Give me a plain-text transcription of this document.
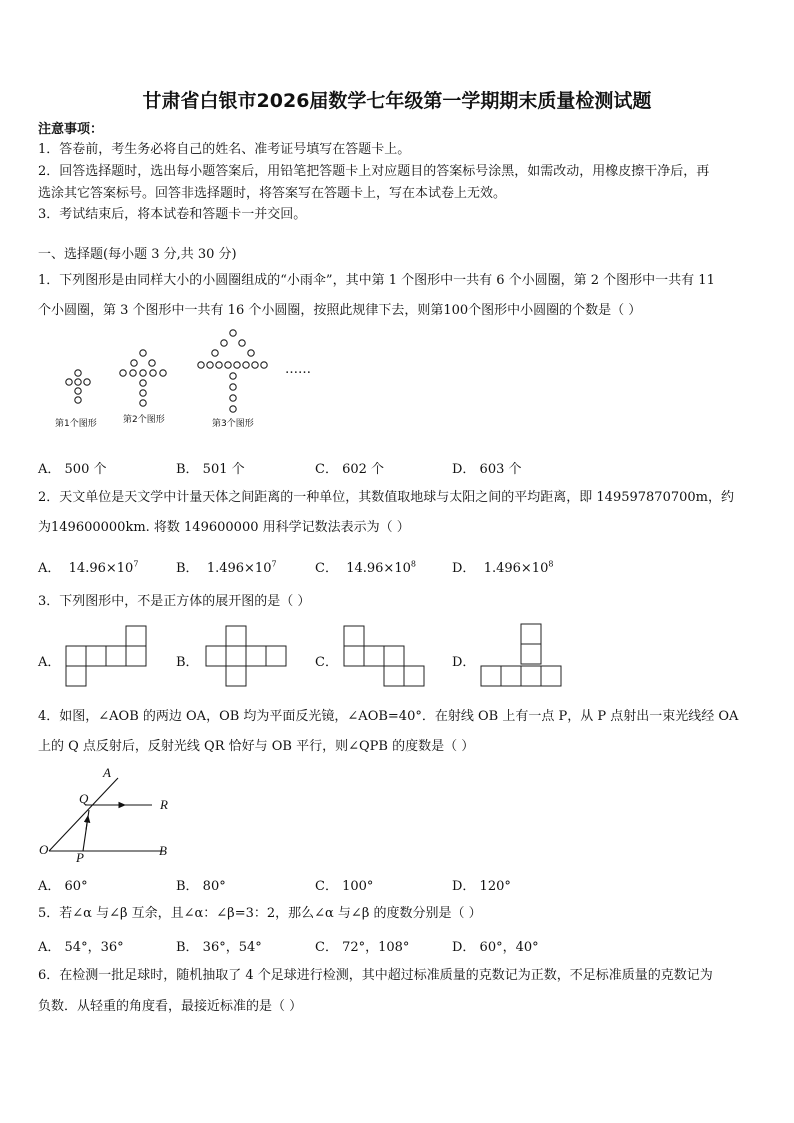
甘肃省白银市2026届数学七年级第一学期期末质量检测试题
注意事项：
1．答卷前，考生务必将自己的姓名、准考证号填写在答题卡上。
2．回答选择题时，选出每小题答案后，用铅笔把答题卡上对应题目的答案标号涂黑，如需改动，用橡皮擦干净后，再
选涂其它答案标号。回答非选择题时，将答案写在答题卡上，写在本试卷上无效。
3．考试结束后，将本试卷和答题卡一并交回。
一、选择题(每小题 3 分,共 30 分)
1．下列图形是由同样大小的小圆圈组成的“小雨伞”，其中第 1 个图形中一共有 6 个小圆圈，第 2 个图形中一共有 11
个小圆圈，第 3 个图形中一共有 16 个小圆圈，按照此规律下去，则第100个图形中小圆圈的个数是（ ）
第1个图形	第2个图形	第3个图形
……
A． 500 个	B． 501 个	C． 602 个	D． 603 个
2．天文单位是天文学中计量天体之间距离的一种单位，其数值取地球与太阳之间的平均距离，即 149597870700m，约
为149600000km. 将数 149600000 用科学记数法表示为（ ）
A． $14.96\times 10^7$	B． $1.496\times 10^7$	C． $14.96\times 10^8$	D． $1.496\times 10^8$
3．下列图形中，不是正方体的展开图的是（ ）
A．	B．	C．	D．
4．如图，∠AOB 的两边 OA，OB 均为平面反光镜，∠AOB=40°．在射线 OB 上有一点 P，从 P 点射出一束光线经 OA
上的 Q 点反射后，反射光线 QR 恰好与 OB 平行，则∠QPB 的度数是（ ）
A
Q	R
O
P	B
A． 60°	B． 80°	C． 100°	D． 120°
5．若∠α 与∠β 互余，且∠α：∠β=3：2，那么∠α 与∠β 的度数分别是（ ）
A． 54°，36°	B． 36°，54°	C． 72°，108°	D． 60°，40°
6．在检测一批足球时，随机抽取了 4 个足球进行检测，其中超过标准质量的克数记为正数，不足标准质量的克数记为
负数．从轻重的角度看，最接近标准的是（ ）
